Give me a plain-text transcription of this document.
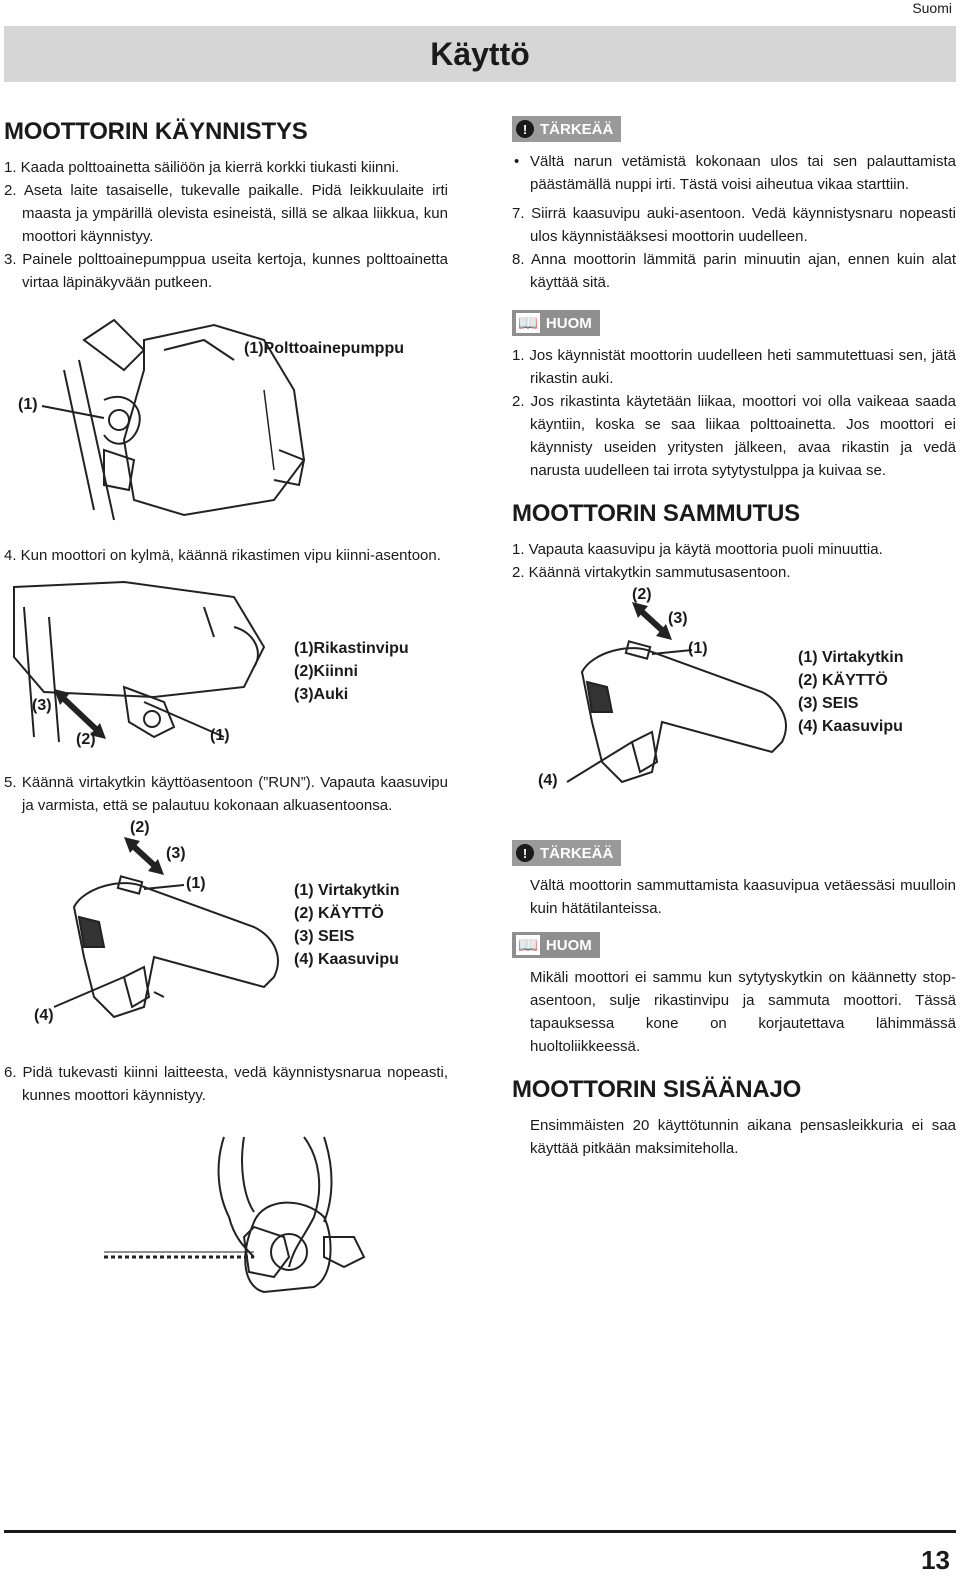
Suomi
Käyttö
MOOTTORIN KÄYNNISTYS

1. Kaada polttoainetta säiliöön ja kierrä korkki tiukasti kiinni.

2. Aseta laite tasaiselle, tukevalle paikalle. Pidä leikkuulaite irti maasta ja ympärillä olevista esineistä, sillä se alkaa liikkua, kun moottori käynnistyy.

3. Painele polttoainepumppua useita kertoja, kunnes polttoainetta virtaa läpinäkyvään putkeen.

(1)
(1)Polttoainepumppu

4. Kun moottori on kylmä, käännä rikastimen vipu kiinni-asentoon.

(3)
(2)	(1)
(1)Rikastinvipu
(2)Kiinni
(3)Auki

5. Käännä virtakytkin käyttöasentoon (”RUN”). Vapauta kaasuvipu ja varmista, että se palautuu kokonaan alkuasentoonsa.

(2)
(3)
(1)
(4)
(1) Virtakytkin
(2) KÄYTTÖ
(3) SEIS
(4) Kaasuvipu

6. Pidä tukevasti kiinni laitteesta, vedä käynnistysnarua nopeasti, kunnes moottori käynnistyy.

! TÄRKEÄÄ

• Vältä narun vetämistä kokonaan ulos tai sen palauttamista päästämällä nuppi irti. Tästä voisi aiheutua vikaa starttiin.

7. Siirrä kaasuvipu auki-asentoon. Vedä käynnistysnaru nopeasti ulos käynnistääksesi moottorin uudelleen.

8. Anna moottorin lämmitä parin minuutin ajan, ennen kuin alat käyttää sitä.

📖 HUOM

1. Jos käynnistät moottorin uudelleen heti sammutettuasi sen, jätä rikastin auki.

2. Jos rikastinta käytetään liikaa, moottori voi olla vaikeaa saada käyntiin, koska se saa liikaa polttoainetta. Jos moottori ei käynnisty useiden yritysten jälkeen, avaa rikastin ja vedä narusta uudelleen tai irrota sytytystulppa ja kuivaa se.

MOOTTORIN SAMMUTUS

1. Vapauta kaasuvipu ja käytä moottoria puoli minuuttia.

2. Käännä virtakytkin sammutusasentoon.

(2)
(3)
(1)
(4)
(1) Virtakytkin
(2) KÄYTTÖ
(3) SEIS
(4) Kaasuvipu
! TÄRKEÄÄ

Vältä moottorin sammuttamista kaasuvipua vetäessäsi muulloin kuin hätätilanteissa.

📖 HUOM

Mikäli moottori ei sammu kun sytytyskytkin on käännetty stop-asentoon, sulje rikastinvipu ja sammuta moottori. Tässä tapauksessa kone on korjautettava lähimmässä huoltoliikkeessä.

MOOTTORIN SISÄÄNAJO

Ensimmäisten 20 käyttötunnin aikana pensasleikkuria ei saa käyttää pitkään maksimiteholla.

13
